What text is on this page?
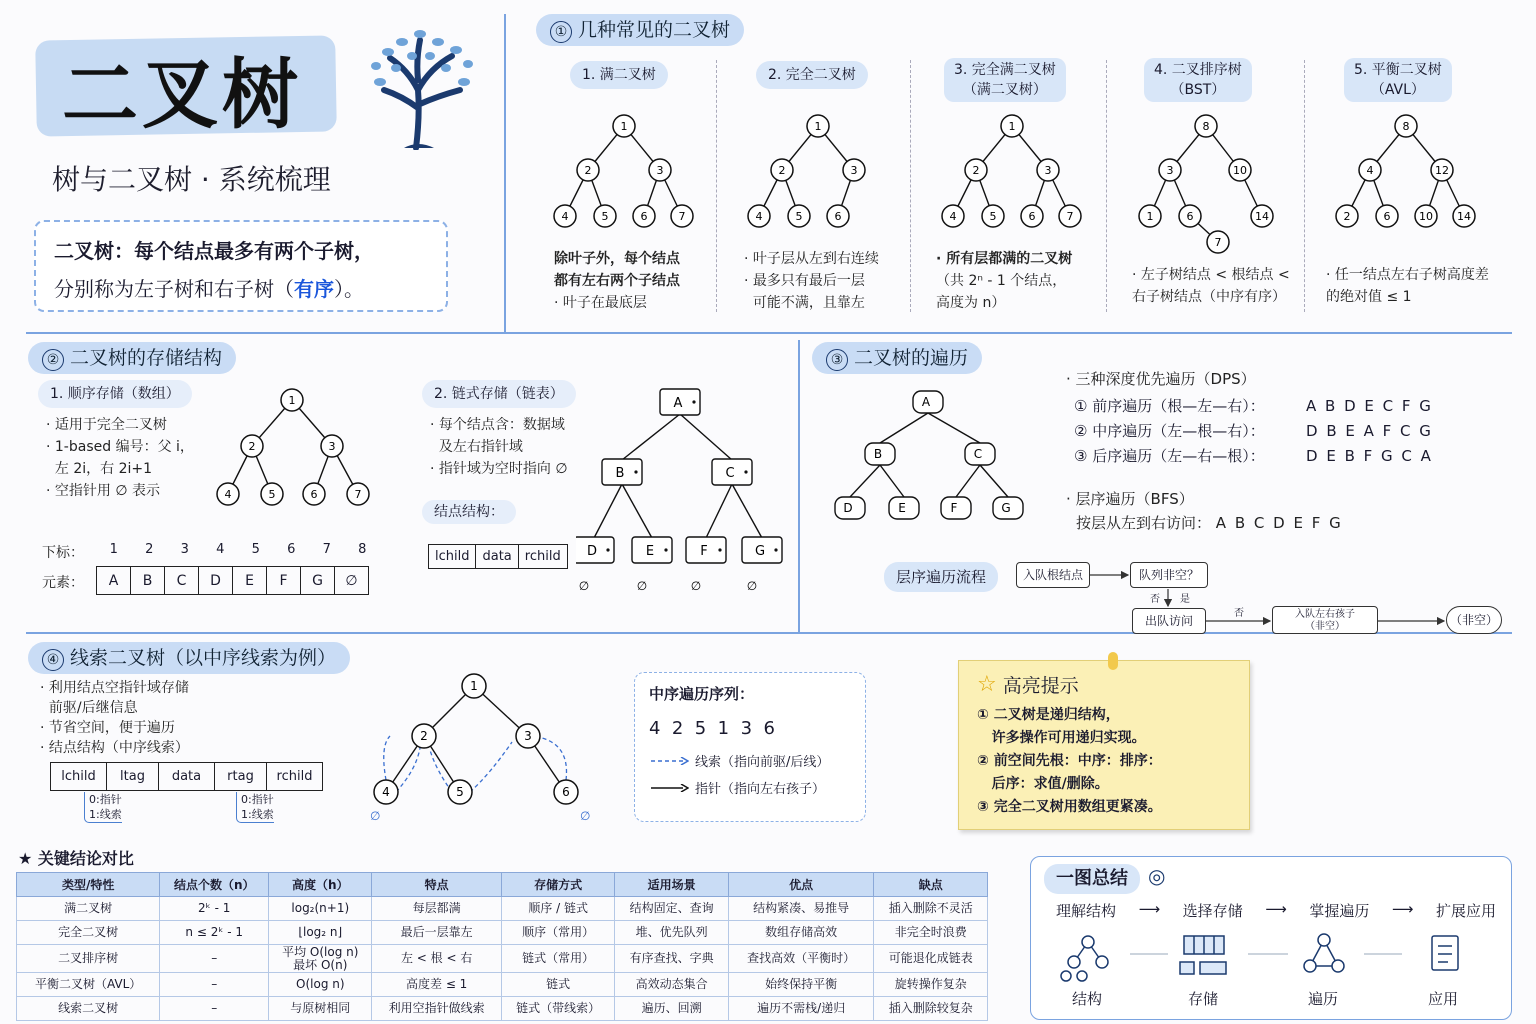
二叉树
树与二叉树 · 系统梳理
二叉树：每个结点最多有两个子树，
分别称为左子树和右子树（有序）。
① 几种常见的二叉树
1. 满二叉树	2. 完全二叉树	3. 完全满二叉树
（满二叉树）
4. 二叉排序树
（BST）
5. 平衡二叉树
（AVL）
1
2	3
4	5	6	7
1
2	3
4	5	6
1
2	3
4	5	6	7
8
3	10
1	6	14
7
8
4	12
2	6	10 14
除叶子外，每个结点
都有左右两个子结点
· 叶子在最底层
· 叶子层从左到右连续
· 最多只有最后一层
可能不满，且靠左
· 所有层都满的二叉树
（共 2ⁿ - 1 个结点，
高度为 n）
· 左子树结点 < 根结点 <
右子树结点（中序有序）
· 任一结点左右子树高度差
的绝对值 ≤ 1
② 二叉树的存储结构
1. 顺序存储（数组）
· 适用于完全二叉树
· 1-based 编号：父 i，
左 2i，右 2i+1
· 空指针用 ∅ 表示
1
2	3
4	5	6	7
下标：
元素：
1	2	3	4	5	6	7	8
A	B	C	D	E	F	G	∅
2. 链式存储（链表）
· 每个结点含：数据域
及左右指针域
· 指针域为空时指向 ∅
结点结构：
lchild	data	rchild
A
B	C
D
∅
E
∅
F
∅
G
∅
③ 二叉树的遍历
A
B	C
D	E	F	G
· 三种深度优先遍历（DPS）
① 前序遍历（根—左—右）：	A B D E C F G
② 中序遍历（左—根—右）：	D B E A F C G
③ 后序遍历（左—右—根）：	D E B F G C A
· 层序遍历（BFS）
按层从左到右访问： A B C D E F G
层序遍历流程	入队根结点	队列非空？
出队访问	入队左右孩子
（非空）	（非空）
否 是
否
④ 线索二叉树（以中序线索为例）
· 利用结点空指针域存储
前驱/后继信息
· 节省空间，便于遍历
· 结点结构（中序线索）
lchild	ltag	data	rtag	rchild
0:指针
1:线索
0:指针
1:线索
1
2	3
4	5	6
∅	∅
中序遍历序列：
4  2  5  1  3  6
线索（指向前驱/后线）
指针（指向左右孩子）
☆ 高亮提示
① 二叉树是递归结构，
许多操作可用递归实现。
② 前空间先根：中序：排序：
后序：求值/删除。
③ 完全二叉树用数组更紧凑。
★ 关键结论对比
类型/特性	结点个数（n）	高度（h）	特点	存储方式	适用场景	优点	缺点
满二叉树	2ᵏ - 1	log₂(n+1)	每层都满	顺序 / 链式	结构固定、查询	结构紧凑、易推导	插入删除不灵活
完全二叉树	n ≤ 2ᵏ - 1	⌊log₂ n⌋	最后一层靠左	顺序（常用）	堆、优先队列	数组存储高效	非完全时浪费
二叉排序树	–	平均 O(log n)
最坏 O(n)	左 < 根 < 右	链式（常用）	有序查找、字典	查找高效（平衡时）	可能退化成链表
平衡二叉树（AVL）	–	O(log n)	高度差 ≤ 1	链式	高效动态集合	始终保持平衡	旋转操作复杂
线索二叉树	–	与原树相同	利用空指针做线索	链式（带线索）	遍历、回溯	遍历不需栈/递归	插入删除较复杂
一图总结	◎
理解结构 ⟶ 选择存储 ⟶ 掌握遍历 ⟶ 扩展应用
结构	存储	遍历	应用
